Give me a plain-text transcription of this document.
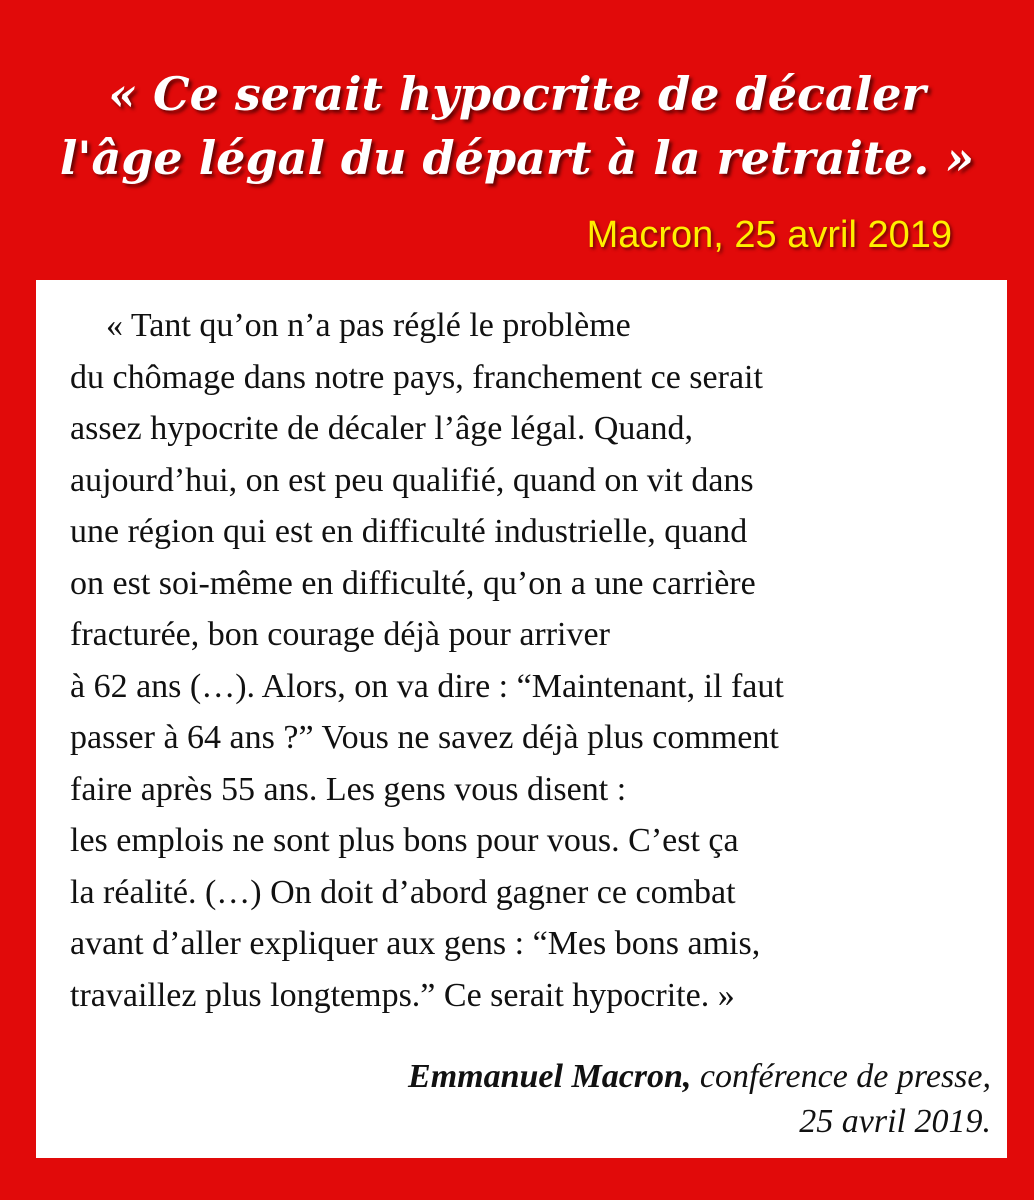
« Ce serait hypocrite de décaler
l'âge légal du départ à la retraite. »
Macron, 25 avril 2019

« Tant qu’on n’a pas réglé le problème
du chômage dans notre pays, franchement ce serait
assez hypocrite de décaler l’âge légal. Quand,
aujourd’hui, on est peu qualifié, quand on vit dans
une région qui est en difficulté industrielle, quand
on est soi-même en difficulté, qu’on a une carrière
fracturée, bon courage déjà pour arriver
à 62 ans (…). Alors, on va dire : “Maintenant, il faut
passer à 64 ans ?” Vous ne savez déjà plus comment
faire après 55 ans. Les gens vous disent :
les emplois ne sont plus bons pour vous. C’est ça
la réalité. (…) On doit d’abord gagner ce combat
avant d’aller expliquer aux gens : “Mes bons amis,
travaillez plus longtemps.” Ce serait hypocrite. »

Emmanuel Macron, conférence de presse,
25 avril 2019.
